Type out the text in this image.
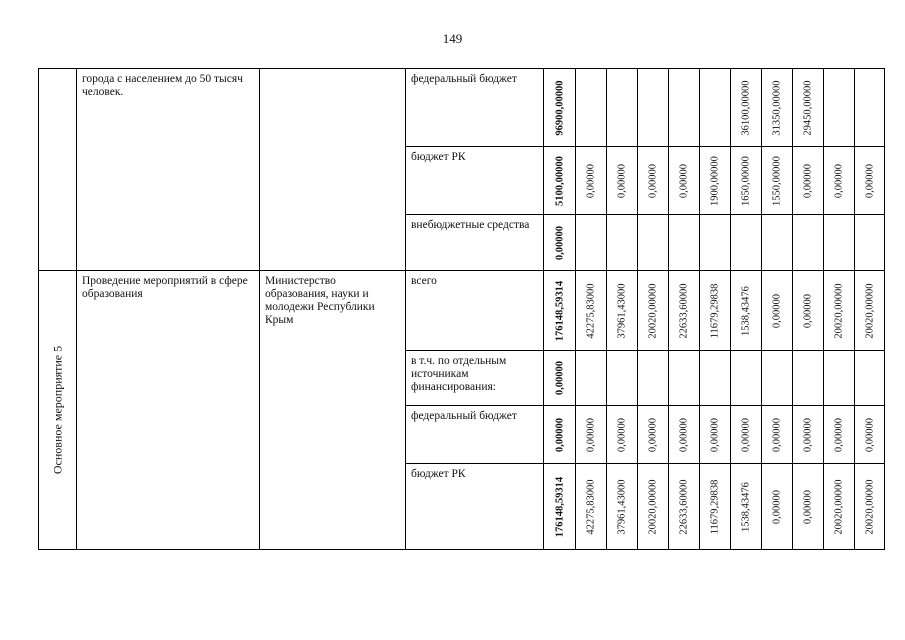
149

	города с населением до 50 тысяч человек.		федеральный бюджет	96900,00000						36100,00000	31350,00000	29450,00000		

			бюджет РК	5100,00000	0,00000	0,00000	0,00000	0,00000	1900,00000	1650,00000	1550,00000	0,00000	0,00000	0,00000

			внебюджетные средства	0,00000										

Основное мероприятие 5	Проведение мероприятий в сфере образования	Министерство образования, науки и молодежи Республики Крым	всего	176148,59314	42275,83000	37961,43000	20020,00000	22633,60000	11679,29838	1538,43476	0,00000	0,00000	20020,00000	20020,00000

			в т.ч. по отдельным источникам финансирования:	0,00000										

			федеральный бюджет	0,00000	0,00000	0,00000	0,00000	0,00000	0,00000	0,00000	0,00000	0,00000	0,00000	0,00000

			бюджет РК	176148,59314	42275,83000	37961,43000	20020,00000	22633,60000	11679,29838	1538,43476	0,00000	0,00000	20020,00000	20020,00000
